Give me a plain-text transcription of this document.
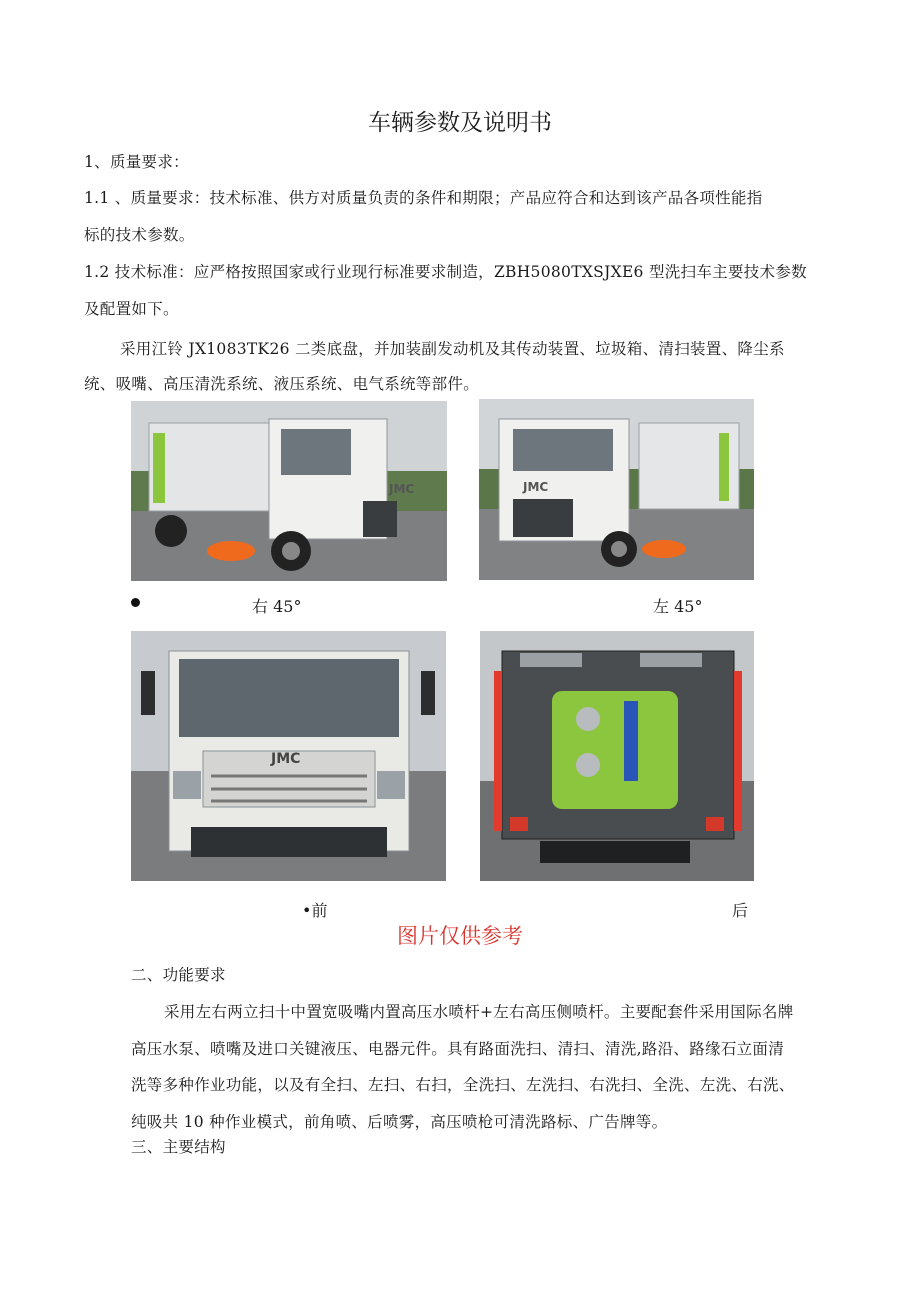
车辆参数及说明书
1、质量要求：
1.1 、质量要求：技术标准、供方对质量负责的条件和期限；产品应符合和达到该产品各项性能指
标的技术参数。
1.2 技术标准：应严格按照国家或行业现行标准要求制造，ZBH5080TXSJXE6 型洗扫车主要技术参数
及配置如下。
采用江铃 JX1083TK26 二类底盘，并加装副发动机及其传动装置、垃圾箱、清扫装置、降尘系
统、吸嘴、高压清洗系统、液压系统、电气系统等部件。
JMC	JMC
右 45°	左 45°
JMC
•前	后
图片仅供参考
二、功能要求
采用左右两立扫十中置宽吸嘴内置高压水喷杆+左右高压侧喷杆。主要配套件采用国际名牌
高压水泵、喷嘴及进口关键液压、电器元件。具有路面洗扫、清扫、清洗,路沿、路缘石立面清
洗等多种作业功能，以及有全扫、左扫、右扫，全洗扫、左洗扫、右洗扫、全洗、左洗、右洗、
纯吸共 10 种作业模式，前角喷、后喷雾，高压喷枪可清洗路标、广告牌等。
三、主要结构
